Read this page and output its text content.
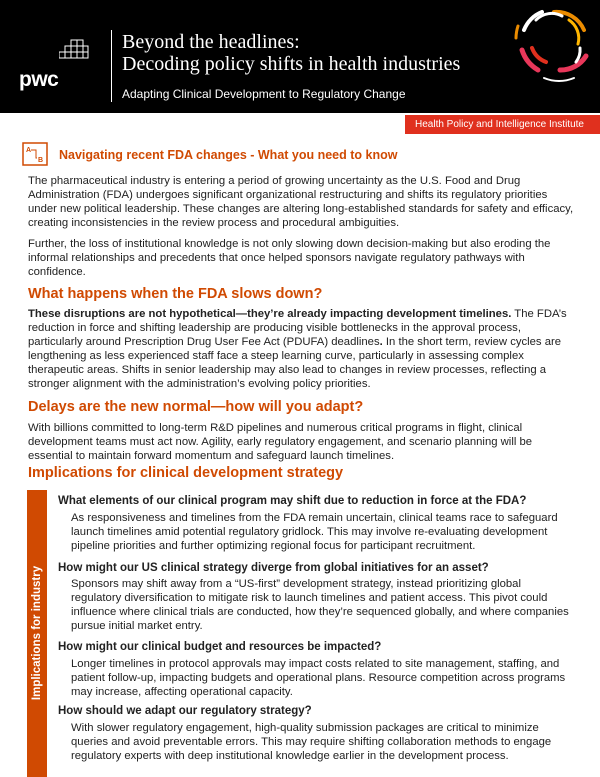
pwc
Beyond the headlines:
Decoding policy shifts in health industries
Adapting Clinical Development to Regulatory Change
Health Policy and Intelligence Institute
A
B Navigating recent FDA changes - What you need to know

The pharmaceutical industry is entering a period of growing uncertainty as the U.S. Food and Drug Administration (FDA) undergoes significant organizational restructuring and shifts its regulatory priorities under new political leadership. These changes are altering long-established standards for safety and efficacy, creating inconsistencies in the review process and procedural ambiguities.

Further, the loss of institutional knowledge is not only slowing down decision-making but also eroding the informal relationships and precedents that once helped sponsors navigate regulatory pathways with confidence.

What happens when the FDA slows down?

These disruptions are not hypothetical—they’re already impacting development timelines. The FDA’s reduction in force and shifting leadership are producing visible bottlenecks in the approval process, particularly around Prescription Drug User Fee Act (PDUFA) deadlines. In the short term, review cycles are lengthening as less experienced staff face a steep learning curve, particularly in assessing complex therapeutic areas. Shifts in senior leadership may also lead to changes in review processes, reflecting a stronger alignment with the administration’s evolving policy priorities.

Delays are the new normal—how will you adapt?

With billions committed to long-term R&D pipelines and numerous critical programs in flight, clinical development teams must act now. Agility, early regulatory engagement, and scenario planning will be essential to maintain forward momentum and safeguard launch timelines.

Implications for clinical development strategy
Implications for industry
What elements of our clinical program may shift due to reduction in force at the FDA?

As responsiveness and timelines from the FDA remain uncertain, clinical teams race to safeguard launch timelines amid potential regulatory gridlock. This may involve re-evaluating development pipeline priorities and further optimizing regional focus for participant recruitment.

How might our US clinical strategy diverge from global initiatives for an asset?

Sponsors may shift away from a “US-first” development strategy, instead prioritizing global regulatory diversification to mitigate risk to launch timelines and patient access. This pivot could influence where clinical trials are conducted, how they’re sequenced globally, and where companies pursue initial market entry.

How might our clinical budget and resources be impacted?

Longer timelines in protocol approvals may impact costs related to site management, staffing, and patient follow-up, impacting budgets and operational plans. Resource competition across programs may increase, affecting operational capacity.

How should we adapt our regulatory strategy?

With slower regulatory engagement, high-quality submission packages are critical to minimize queries and avoid preventable errors. This may require shifting collaboration methods to engage regulatory experts with deep institutional knowledge earlier in the development process.
